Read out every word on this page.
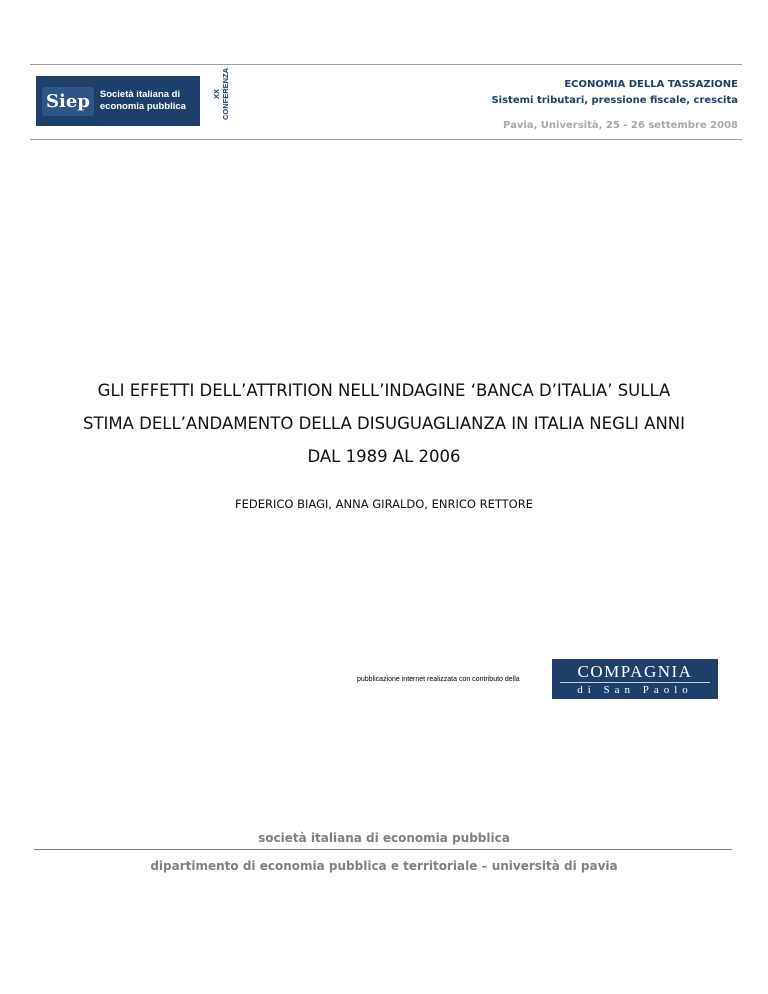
Siep	Società italiana di
economia pubblica
XX CONFERENZA	ECONOMIA DELLA TASSAZIONE
Sistemi tributari, pressione fiscale, crescita
Pavia, Università, 25 - 26 settembre 2008
GLI EFFETTI DELL’ATTRITION NELL’INDAGINE ‘BANCA D’ITALIA’ SULLA
STIMA DELL’ANDAMENTO DELLA DISUGUAGLIANZA IN ITALIA NEGLI ANNI
DAL 1989 AL 2006
FEDERICO BIAGI, ANNA GIRALDO, ENRICO RETTORE
pubblicazione internet realizzata con contributo della	COMPAGNIA
di San Paolo
società italiana di economia pubblica
dipartimento di economia pubblica e territoriale – università di pavia
